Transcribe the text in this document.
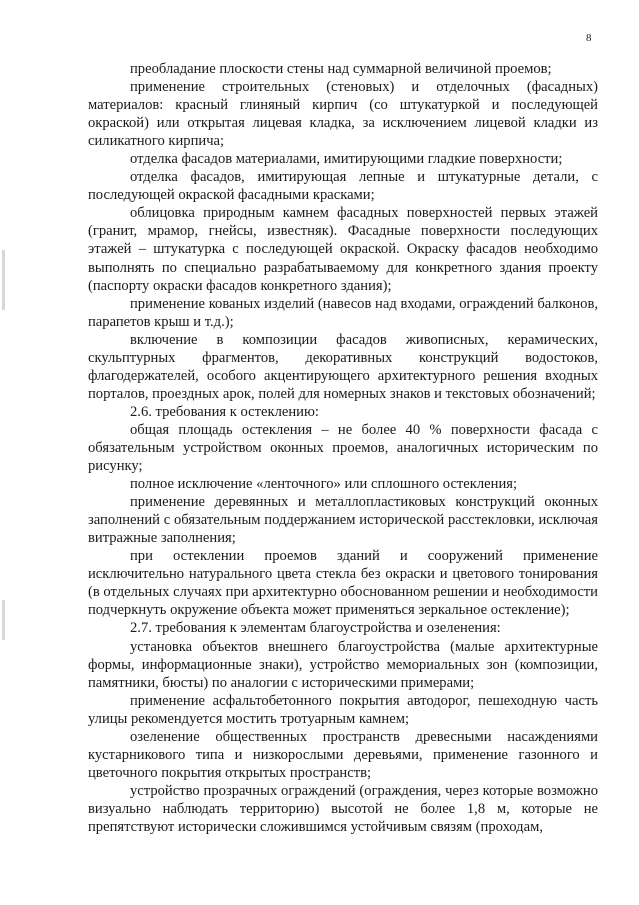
8

преобладание плоскости стены над суммарной величиной проемов;

применение строительных (стеновых) и отделочных (фасадных) материалов: красный глиняный кирпич (со штукатуркой и последующей окраской) или открытая лицевая кладка, за исключением лицевой кладки из силикатного кирпича;

отделка фасадов материалами, имитирующими гладкие поверхности;

отделка фасадов, имитирующая лепные и штукатурные детали, с последующей окраской фасадными красками;

облицовка природным камнем фасадных поверхностей первых этажей (гранит, мрамор, гнейсы, известняк). Фасадные поверхности последующих этажей – штукатурка с последующей окраской. Окраску фасадов необходимо выполнять по специально разрабатываемому для конкретного здания проекту (паспорту окраски фасадов конкретного здания);

применение кованых изделий (навесов над входами, ограждений балконов, парапетов крыш и т.д.);

включение в композиции фасадов живописных, керамических, скульптурных фрагментов, декоративных конструкций водостоков, флагодержателей, особого акцентирующего архитектурного решения входных порталов, проездных арок, полей для номерных знаков и текстовых обозначений;

2.6. требования к остеклению:

общая площадь остекления – не более 40 % поверхности фасада с обязательным устройством оконных проемов, аналогичных историческим по рисунку;

полное исключение «ленточного» или сплошного остекления;

применение деревянных и металлопластиковых конструкций оконных заполнений с обязательным поддержанием исторической расстекловки, исключая витражные заполнения;

при остеклении проемов зданий и сооружений применение исключительно натурального цвета стекла без окраски и цветового тонирования (в отдельных случаях при архитектурно обоснованном решении и необходимости подчеркнуть окружение объекта может применяться зеркальное остекление);

2.7. требования к элементам благоустройства и озеленения:

установка объектов внешнего благоустройства (малые архитектурные формы, информационные знаки), устройство мемориальных зон (композиции, памятники, бюсты) по аналогии с историческими примерами;

применение асфальтобетонного покрытия автодорог, пешеходную часть улицы рекомендуется мостить тротуарным камнем;

озеленение общественных пространств древесными насаждениями кустарникового типа и низкорослыми деревьями, применение газонного и цветочного покрытия открытых пространств;

устройство прозрачных ограждений (ограждения, через которые возможно визуально наблюдать территорию) высотой не более 1,8 м, которые не препятствуют исторически сложившимся устойчивым связям (проходам,
